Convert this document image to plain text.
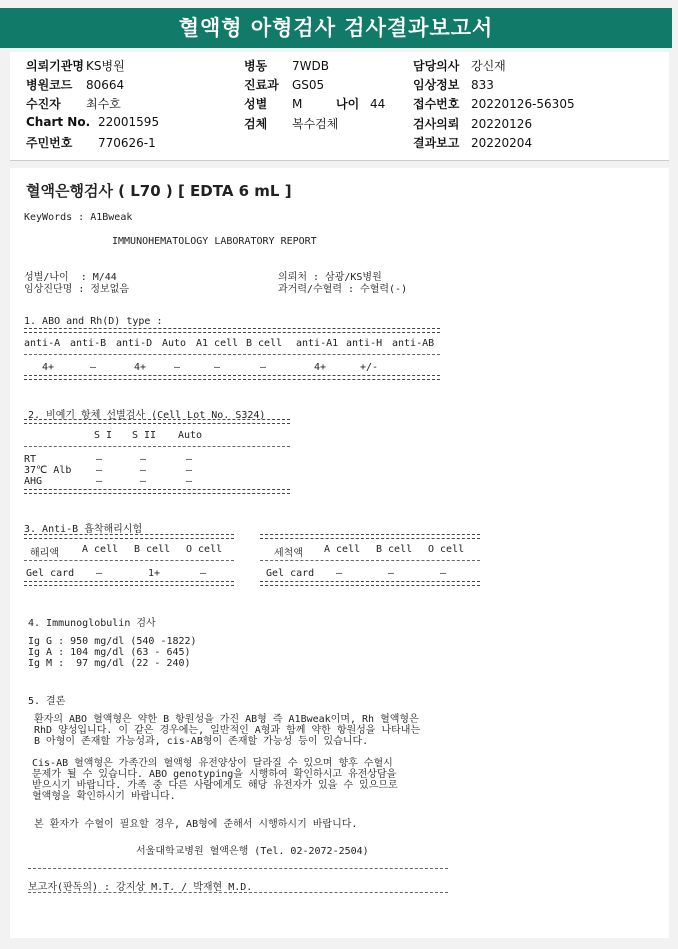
혈액형 아형검사 검사결과보고서
의뢰기관명 KS병원
병원코드 80664
수진자 최수호
Chart No. 22001595
주민번호 770626-1
병동 7WDB
진료과 GS05
성별 M	나이 44
검체 복수검체
담당의사 강신재
임상정보 833
접수번호 20220126-56305
검사의뢰 20220126
결과보고 20220204
혈액은행검사 ( L70 ) [ EDTA 6 mL ]
KeyWords : A1Bweak
IMMUNOHEMATOLOGY LABORATORY REPORT
성별/나이  : M/44
임상진단명 : 정보없음
의뢰처 : 삼광/KS병원
과거력/수혈력 : 수혈력(-)
1. ABO and Rh(D) type :
anti-A anti-B anti-D Auto A1 cell B cell anti-A1 anti-H anti-AB
4+	–	4+	–	–	–	4+	+/-
2. 비예기 항체 선별검사 (Cell Lot No. S324)
S I S II Auto
RT	–	–	–
37℃ Alb –	–	–
AHG	–	–	–
3. Anti-B 흡착해리시험
해리액 A cell B cell O cell
Gel card –	1+	–
세척액 A cell B cell O cell
Gel card –	–	–
4. Immunoglobulin 검사
Ig G : 950 mg/dl (540 -1822)
Ig A : 104 mg/dl (63 - 645)
Ig M :  97 mg/dl (22 - 240)
5. 결론
환자의 ABO 혈액형은 약한 B 항원성을 가진 AB형 즉 A1Bweak이며, Rh 혈액형은
RhD 양성입니다. 이 같은 경우에는, 일반적인 A형과 함께 약한 항원성을 나타내는
B 아형이 존재할 가능성과, cis-AB형이 존재할 가능성 등이 있습니다.
Cis-AB 혈액형은 가족간의 혈액형 유전양상이 달라질 수 있으며 향후 수혈시
문제가 될 수 있습니다. ABO genotyping을 시행하여 확인하시고 유전상담을
받으시기 바랍니다. 가족 중 다른 사람에게도 해당 유전자가 있을 수 있으므로
혈액형을 확인하시기 바랍니다.
본 환자가 수혈이 필요할 경우, AB형에 준해서 시행하시기 바랍니다.
서울대학교병원 혈액은행 (Tel. 02-2072-2504)
보고자(판독의) : 강지상 M.T. / 박재현 M.D.
